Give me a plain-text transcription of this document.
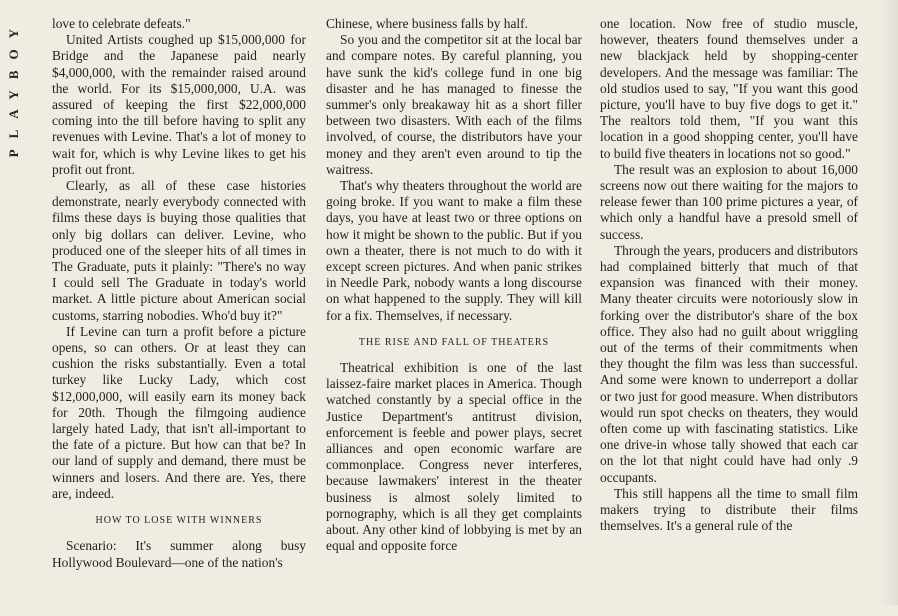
PLAYBOY	love to celebrate defeats."

United Artists coughed up $15,000,000 for Bridge and the Japanese paid nearly $4,000,000, with the remainder raised around the world. For its $15,000,000, U.A. was assured of keeping the first $22,000,000 coming into the till before having to split any revenues with Levine. That's a lot of money to wait for, which is why Levine likes to get his profit out front.

Clearly, as all of these case histories demonstrate, nearly everybody connected with films these days is buying those qualities that only big dollars can deliver. Levine, who produced one of the sleeper hits of all times in The Graduate, puts it plainly: "There's no way I could sell The Graduate in today's world market. A little picture about American social customs, starring nobodies. Who'd buy it?"

If Levine can turn a profit before a picture opens, so can others. Or at least they can cushion the risks substantially. Even a total turkey like Lucky Lady, which cost $12,000,000, will easily earn its money back for 20th. Though the filmgoing audience largely hated Lady, that isn't all-important to the fate of a picture. But how can that be? In our land of supply and demand, there must be winners and losers. And there are. Yes, there are, indeed.

HOW TO LOSE WITH WINNERS

Scenario: It's summer along busy Hollywood Boulevard—one of the nation's

Chinese, where business falls by half.

So you and the competitor sit at the local bar and compare notes. By careful planning, you have sunk the kid's college fund in one big disaster and he has managed to finesse the summer's only breakaway hit as a short filler between two disasters. With each of the films involved, of course, the distributors have your money and they aren't even around to tip the waitress.

That's why theaters throughout the world are going broke. If you want to make a film these days, you have at least two or three options on how it might be shown to the public. But if you own a theater, there is not much to do with it except screen pictures. And when panic strikes in Needle Park, nobody wants a long discourse on what happened to the supply. They will kill for a fix. Themselves, if necessary.

THE RISE AND FALL OF THEATERS

Theatrical exhibition is one of the last laissez-faire market places in America. Though watched constantly by a special office in the Justice Department's antitrust division, enforcement is feeble and power plays, secret alliances and open economic warfare are commonplace. Congress never interferes, because lawmakers' interest in the theater business is almost solely limited to pornography, which is all they get complaints about. Any other kind of lobbying is met by an equal and opposite force

one location. Now free of studio muscle, however, theaters found themselves under a new blackjack held by shopping-center developers. And the message was familiar: The old studios used to say, "If you want this good picture, you'll have to buy five dogs to get it." The realtors told them, "If you want this location in a good shopping center, you'll have to build five theaters in locations not so good."

The result was an explosion to about 16,000 screens now out there waiting for the majors to release fewer than 100 prime pictures a year, of which only a handful have a presold smell of success.

Through the years, producers and distributors had complained bitterly that much of that expansion was financed with their money. Many theater circuits were notoriously slow in forking over the distributor's share of the box office. They also had no guilt about wriggling out of the terms of their commitments when they thought the film was less than successful. And some were known to underreport a dollar or two just for good measure. When distributors would run spot checks on theaters, they would often come up with fascinating statistics. Like one drive-in whose tally showed that each car on the lot that night could have had only .9 occupants.

This still happens all the time to small film makers trying to distribute their films themselves. It's a general rule of the
